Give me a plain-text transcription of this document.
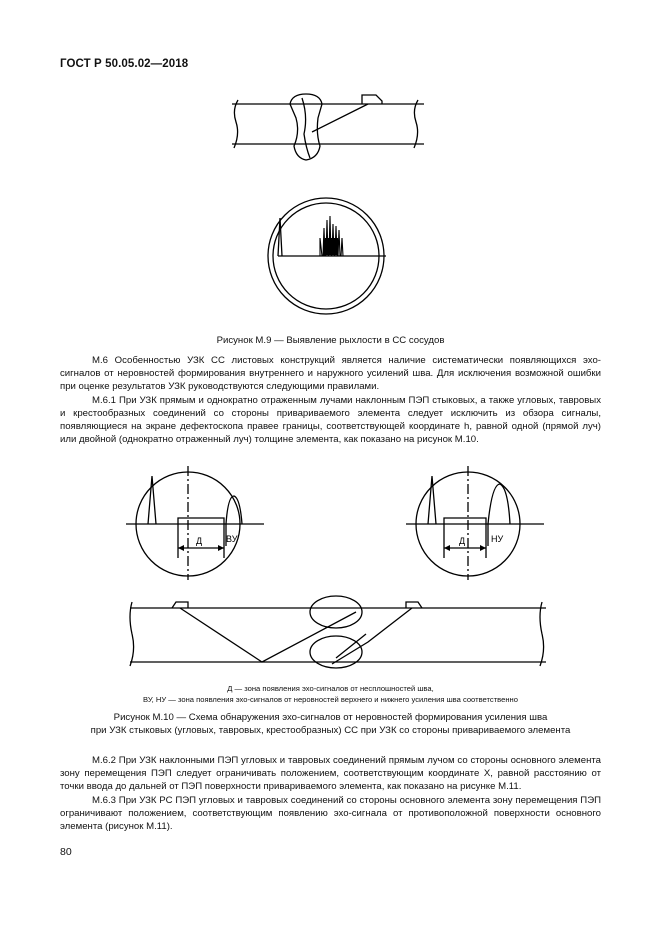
ГОСТ Р 50.05.02—2018
Рисунок М.9 — Выявление рыхлости в СС сосудов

М.6 Особенностью УЗК СС листовых конструкций является наличие систематически появляющихся эхо-сигналов от неровностей формирования внутреннего и наружного усилений шва. Для исключения возможной ошибки при оценке результатов УЗК руководствуются следующими правилами.

М.6.1 При УЗК прямым и однократно отраженным лучами наклонным ПЭП стыковых, а также угловых, тавровых и крестообразных соединений со стороны привариваемого элемента следует исключить из обзора сигналы, появляющиеся на экране дефектоскопа правее границы, соответствующей координате h, равной одной (прямой луч) или двойной (однократно отраженный луч) толщине элемента, как показано на рисунок М.10.

Д	ВУ	Д	НУ
Д — зона появления эхо-сигналов от несплошностей шва,
ВУ, НУ — зона появления эхо-сигналов от неровностей верхнего и нижнего усиления шва соответственно
Рисунок М.10 — Схема обнаружения эхо-сигналов от неровностей формирования усиления шва
при УЗК стыковых (угловых, тавровых, крестообразных) СС при УЗК со стороны привариваемого элемента

М.6.2 При УЗК наклонными ПЭП угловых и тавровых соединений прямым лучом со стороны основного элемента зону перемещения ПЭП следует ограничивать положением, соответствующим координате X, равной расстоянию от точки ввода до дальней от ПЭП поверхности привариваемого элемента, как показано на рисунке М.11.

М.6.3 При УЗК РС ПЭП угловых и тавровых соединений со стороны основного элемента зону перемещения ПЭП ограничивают положением, соответствующим появлению эхо-сигнала от противоположной поверхности основного элемента (рисунок М.11).

80
